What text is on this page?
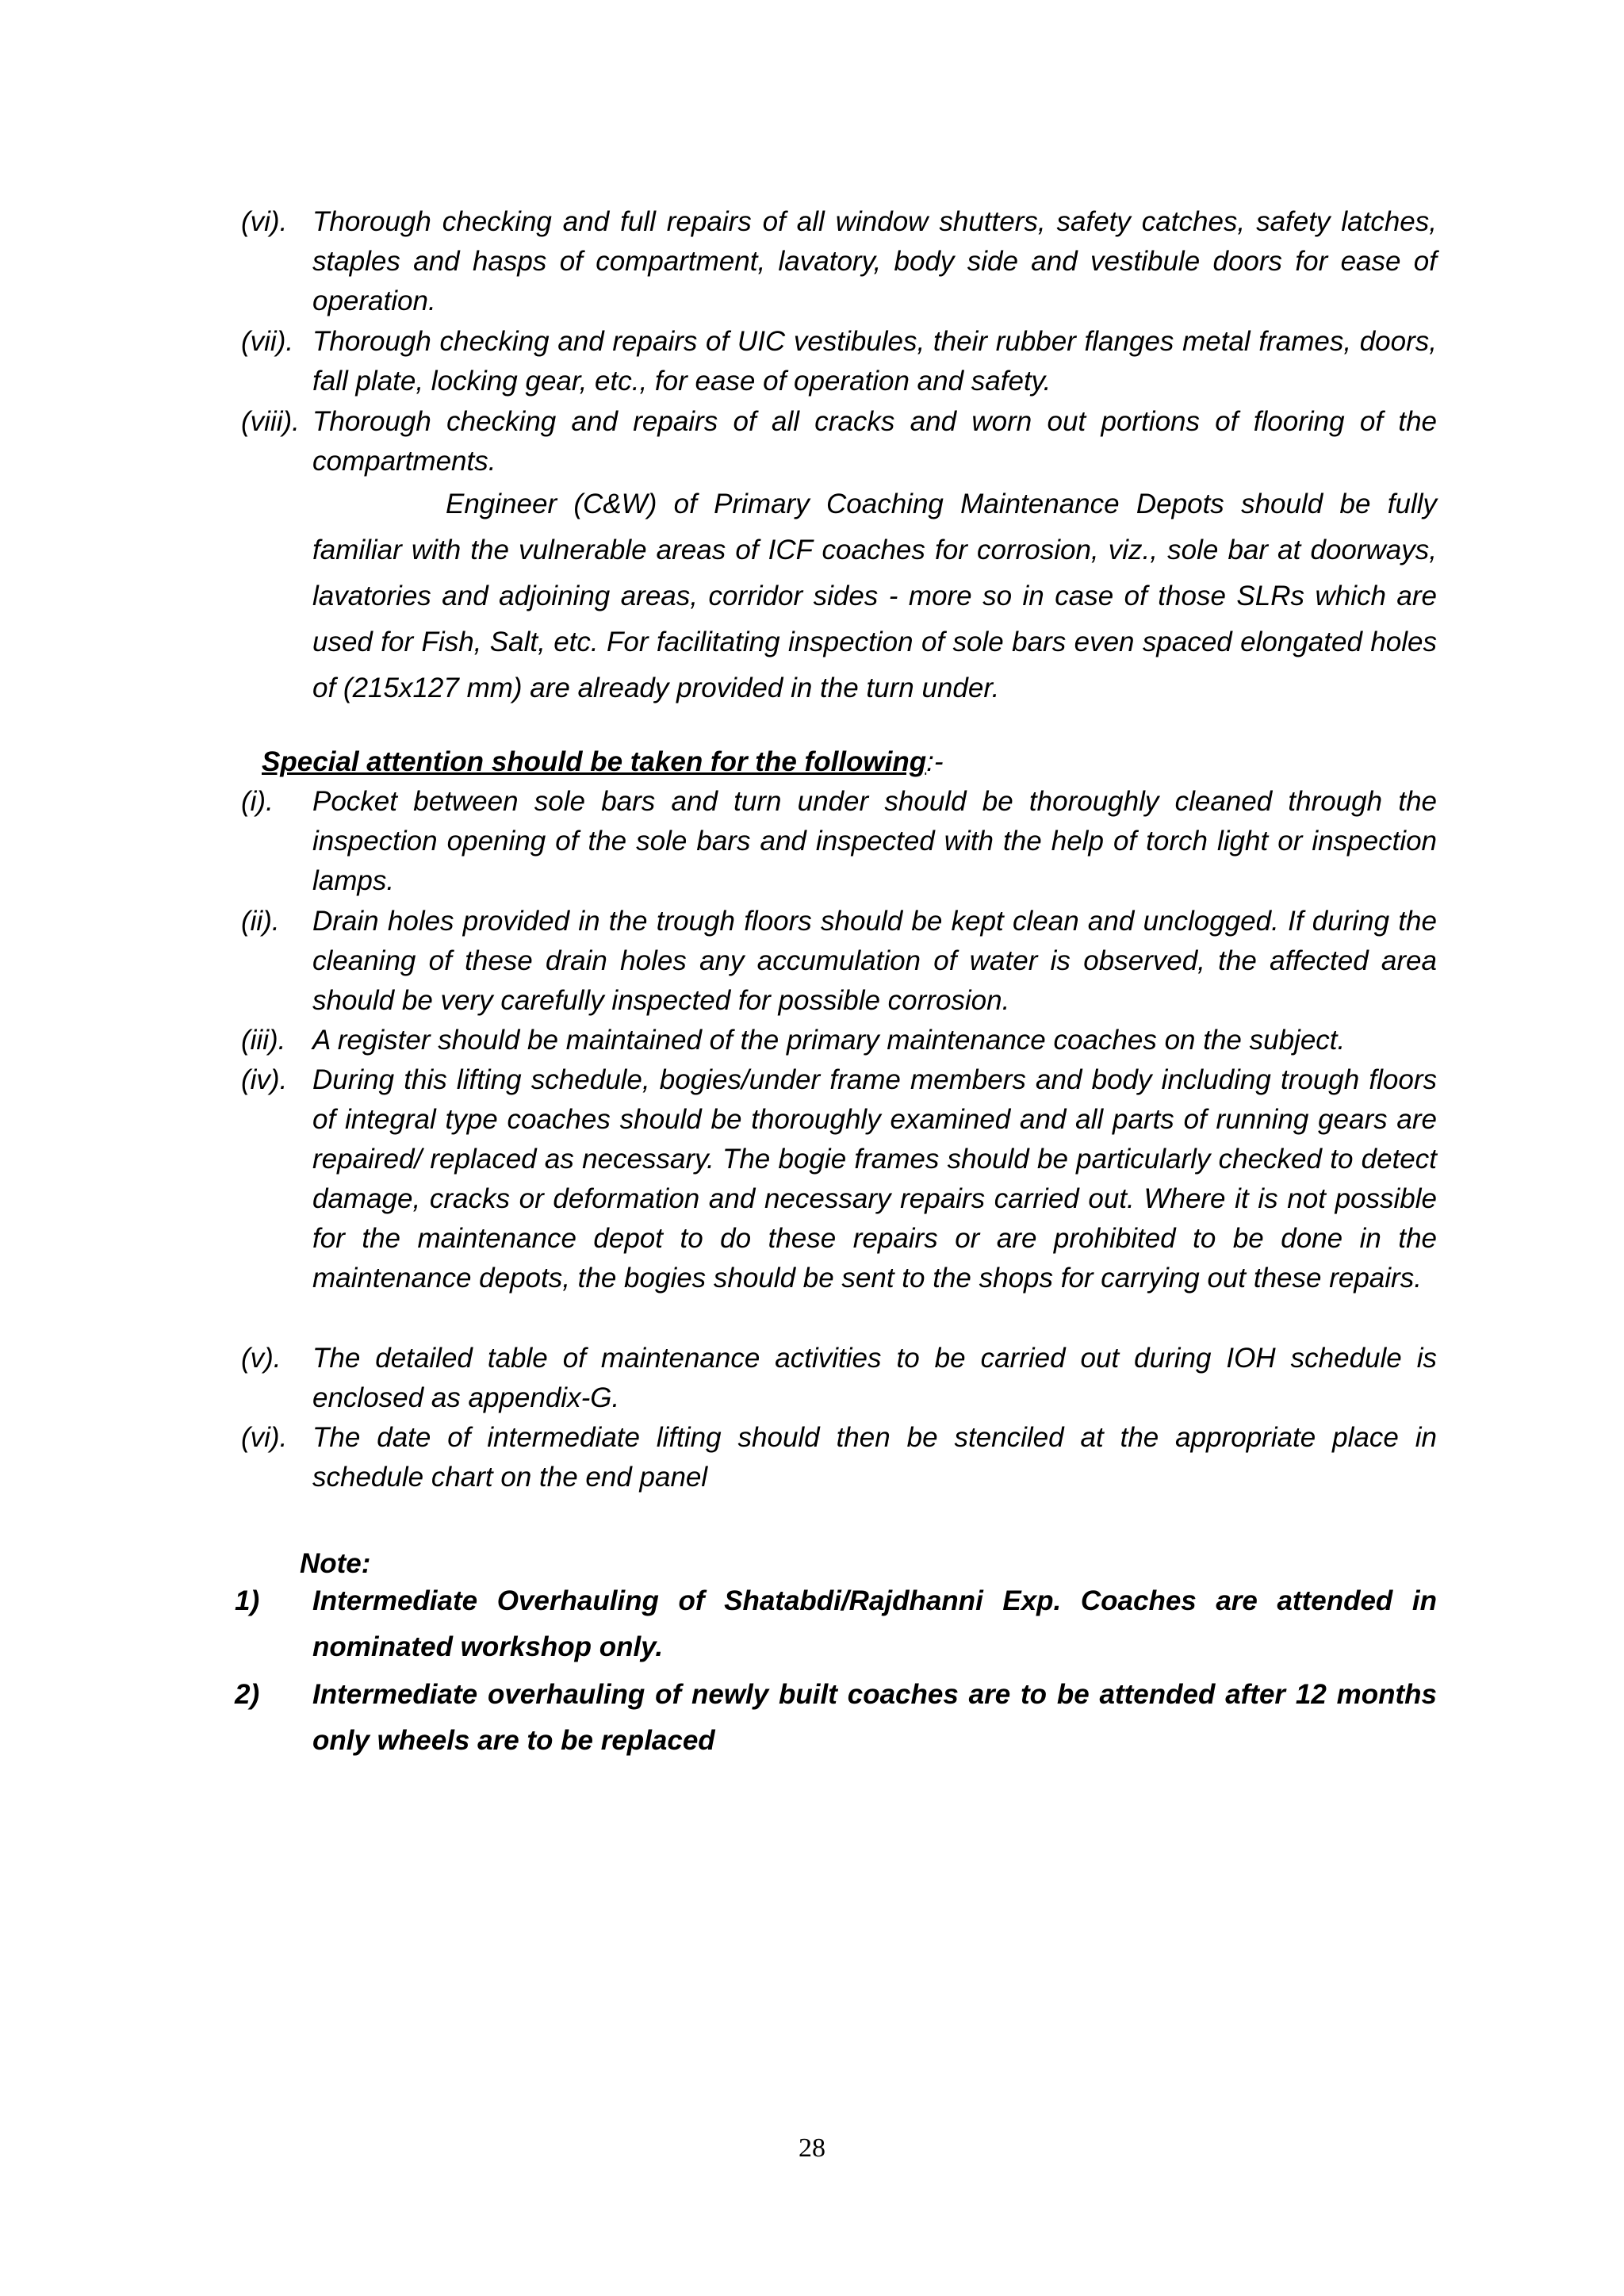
(vi). Thorough checking and full repairs of all window shutters, safety catches, safety latches, staples and hasps of compartment, lavatory, body side and vestibule doors for ease of operation.
(vii). Thorough checking and repairs of UIC vestibules, their rubber flanges metal frames, doors, fall plate, locking gear, etc., for ease of operation and safety.
(viii). Thorough checking and repairs of all cracks and worn out portions of flooring of the compartments.
Engineer (C&W) of Primary Coaching Maintenance Depots should be fully familiar with the vulnerable areas of ICF coaches for corrosion, viz., sole bar at doorways, lavatories and adjoining areas, corridor sides - more so in case of those SLRs which are used for Fish, Salt, etc. For facilitating inspection of sole bars even spaced elongated holes of (215x127 mm) are already provided in the turn under.
Special attention should be taken for the following:-
(i). Pocket between sole bars and turn under should be thoroughly cleaned through the inspection opening of the sole bars and inspected with the help of torch light or inspection lamps.
(ii). Drain holes provided in the trough floors should be kept clean and unclogged. If during the cleaning of these drain holes any accumulation of water is observed, the affected area should be very carefully inspected for possible corrosion.
(iii). A register should be maintained of the primary maintenance coaches on the subject.
(iv). During this lifting schedule, bogies/under frame members and body including trough floors of integral type coaches should be thoroughly examined and all parts of running gears are repaired/ replaced as necessary. The bogie frames should be particularly checked to detect damage, cracks or deformation and necessary repairs carried out. Where it is not possible for the maintenance depot to do these repairs or are prohibited to be done in the maintenance depots, the bogies should be sent to the shops for carrying out these repairs.
(v). The detailed table of maintenance activities to be carried out during IOH schedule is enclosed as appendix-G.
(vi). The date of intermediate lifting should then be stenciled at the appropriate place in schedule chart on the end panel
Note:
1) Intermediate Overhauling of Shatabdi/Rajdhanni Exp. Coaches are attended in nominated workshop only.
2) Intermediate overhauling of newly built coaches are to be attended after 12 months only wheels are to be replaced
28
